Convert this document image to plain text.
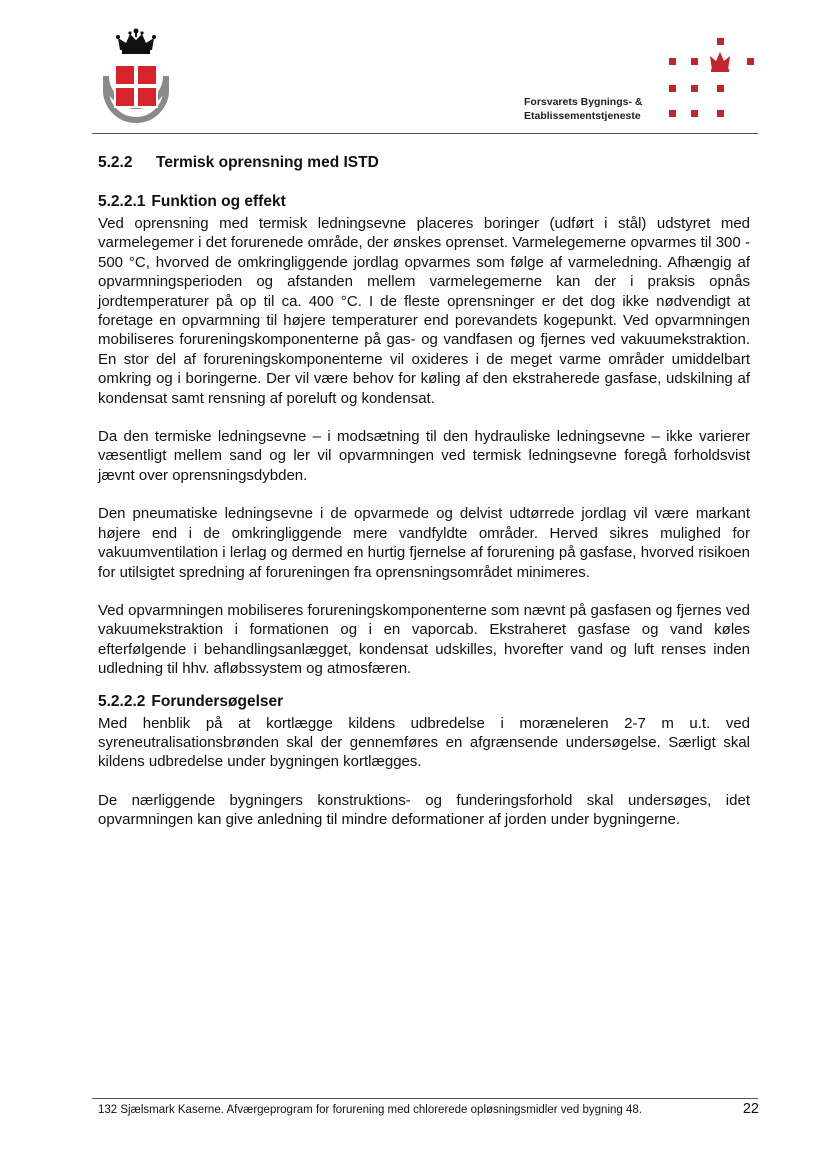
Forsvarets Bygnings- &
Etablissementstjeneste
5.2.2	Termisk oprensning med ISTD
5.2.2.1 Funktion og effekt

Ved oprensning med termisk ledningsevne placeres boringer (udført i stål) udstyret med varmelegemer i det forurenede område, der ønskes oprenset. Varmelegemerne opvarmes til 300 - 500 °C, hvorved de omkringliggende jordlag opvarmes som følge af varmeledning. Afhængig af opvarmningsperioden og afstanden mellem varmelegemerne kan der i praksis opnås jordtemperaturer på op til ca. 400 °C. I de fleste oprensninger er det dog ikke nødvendigt at foretage en opvarmning til højere temperaturer end porevandets kogepunkt. Ved opvarmningen mobiliseres forureningskomponenterne på gas- og vandfasen og fjernes ved vakuumekstraktion. En stor del af forureningskomponenterne vil oxideres i de meget varme områder umiddelbart omkring og i boringerne. Der vil være behov for køling af den ekstraherede gasfase, udskilning af kondensat samt rensning af poreluft og kondensat.

Da den termiske ledningsevne – i modsætning til den hydrauliske ledningsevne – ikke varierer væsentligt mellem sand og ler vil opvarmningen ved termisk ledningsevne foregå forholdsvist jævnt over oprensningsdybden.

Den pneumatiske ledningsevne i de opvarmede og delvist udtørrede jordlag vil være markant højere end i de omkringliggende mere vandfyldte områder. Herved sikres mulighed for vakuumventilation i lerlag og dermed en hurtig fjernelse af forurening på gasfase, hvorved risikoen for utilsigtet spredning af forureningen fra oprensningsområdet minimeres.

Ved opvarmningen mobiliseres forureningskomponenterne som nævnt på gasfasen og fjernes ved vakuumekstraktion i formationen og i en vaporcab. Ekstraheret gasfase og vand køles efterfølgende i behandlingsanlægget, kondensat udskilles, hvorefter vand og luft renses inden udledning til hhv. afløbssystem og atmosfæren.

5.2.2.2 Forundersøgelser

Med henblik på at kortlægge kildens udbredelse i moræneleren 2-7 m u.t. ved syreneutralisationsbrønden skal der gennemføres en afgrænsende undersøgelse. Særligt skal kildens udbredelse under bygningen kortlægges.

De nærliggende bygningers konstruktions- og funderingsforhold skal undersøges, idet opvarmningen kan give anledning til mindre deformationer af jorden under bygningerne.

132 Sjælsmark Kaserne. Afværgeprogram for forurening med chlorerede opløsningsmidler ved bygning 48.	22
